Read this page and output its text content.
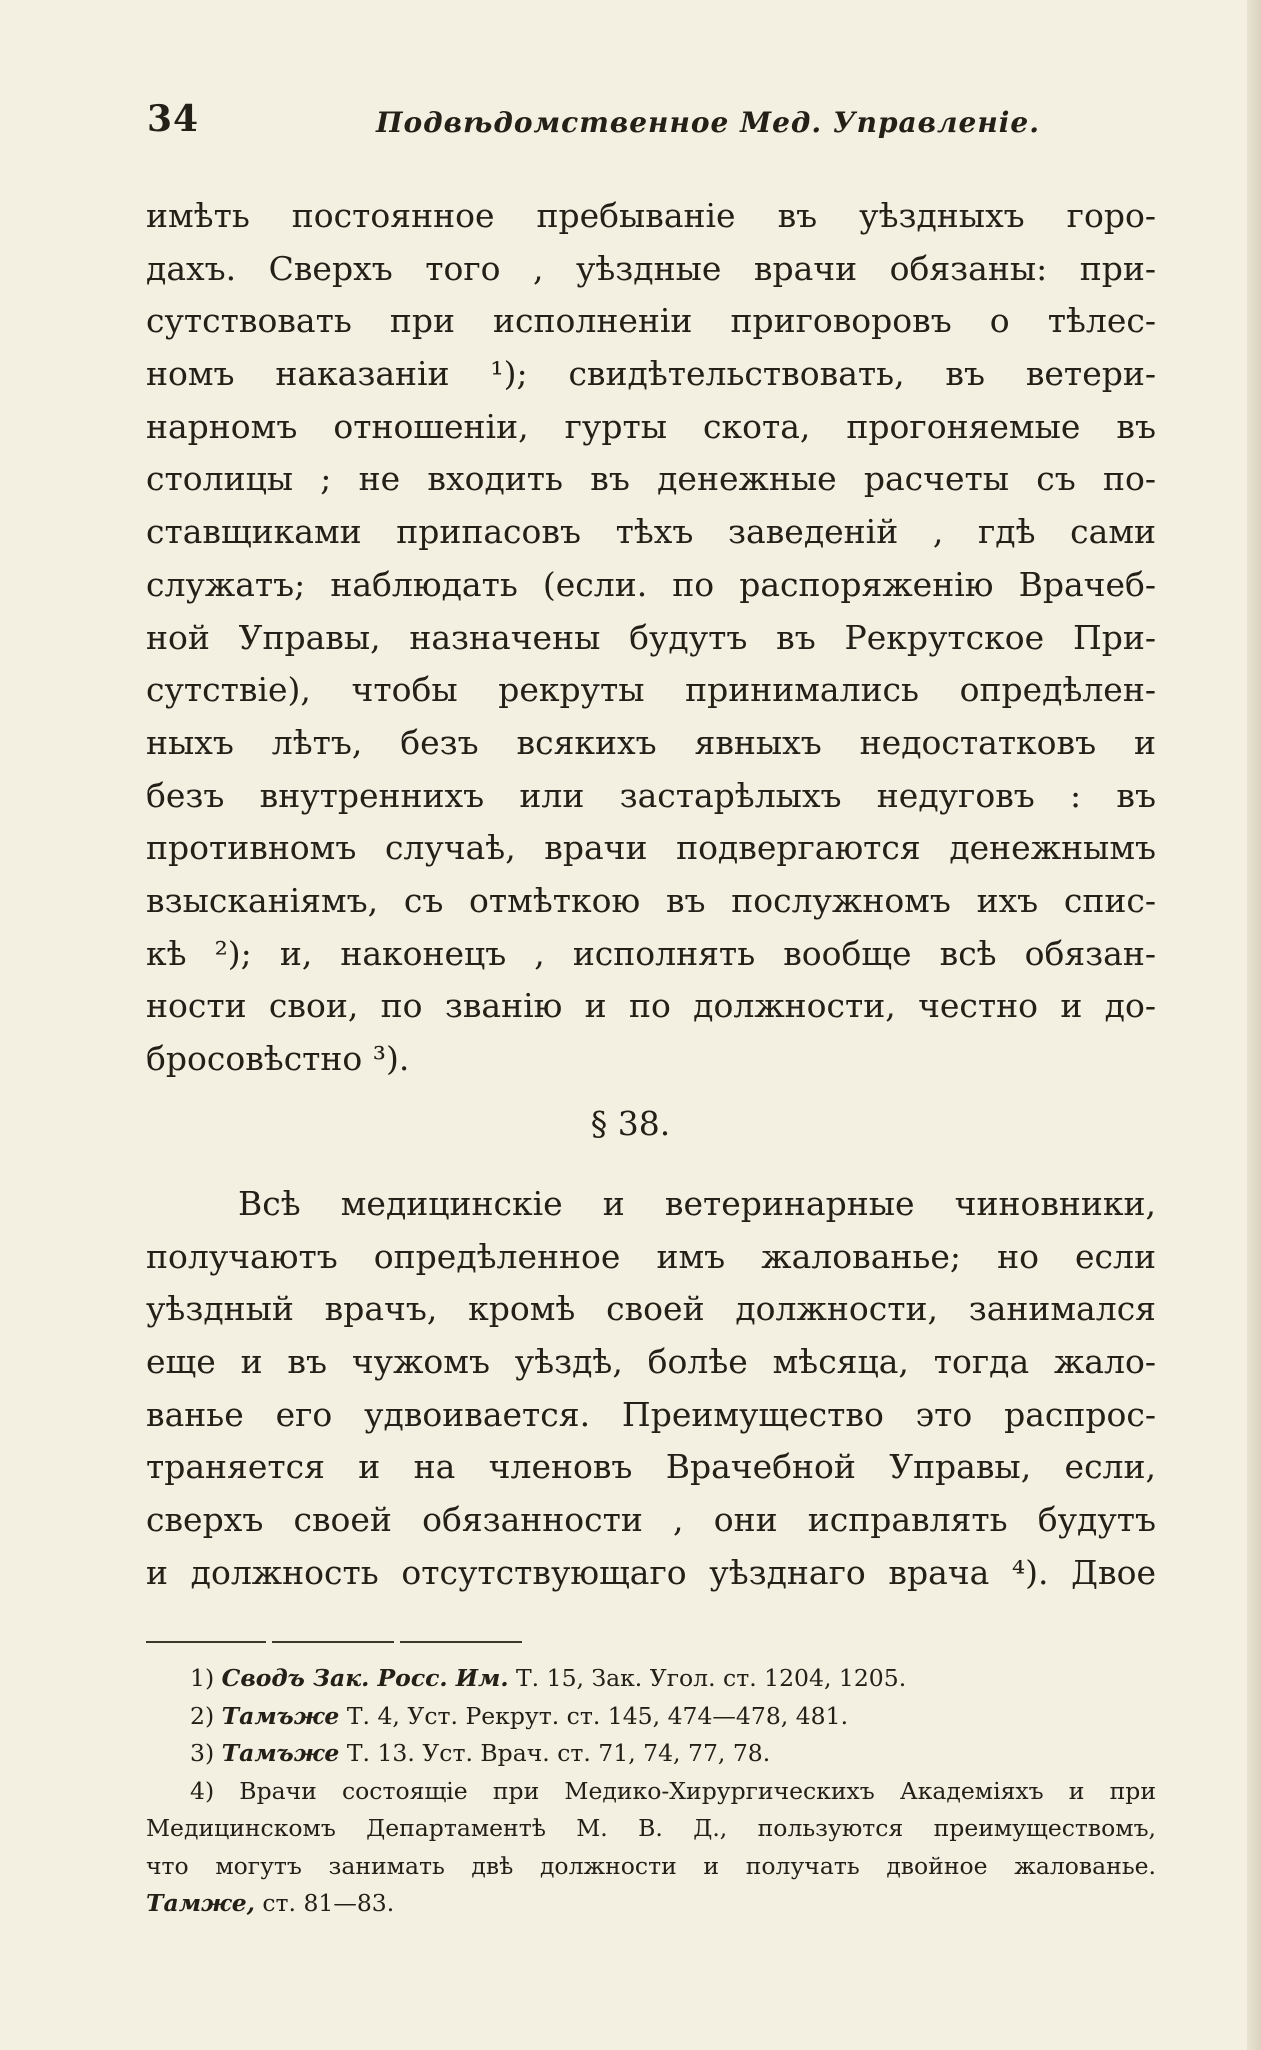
34	Подвѣдомственное Мед. Управленіе.
имѣть постоянное пребываніе въ уѣздныхъ горо-
дахъ. Сверхъ того , уѣздные врачи обязаны: при-
сутствовать при исполненіи приговоровъ о тѣлес-
номъ наказаніи ¹); свидѣтельствовать, въ ветери-
нарномъ отношеніи, гурты скота, прогоняемые въ
столицы ; не входить въ денежные расчеты съ по-
ставщиками припасовъ тѣхъ заведеній , гдѣ сами
служатъ; наблюдать (если. по распоряженію Врачеб-
ной Управы, назначены будутъ въ Рекрутское При-
сутствіе), чтобы рекруты принимались опредѣлен-
ныхъ лѣтъ, безъ всякихъ явныхъ недостатковъ и
безъ внутреннихъ или застарѣлыхъ недуговъ : въ
противномъ случаѣ, врачи подвергаются денежнымъ
взысканіямъ, съ отмѣткою въ послужномъ ихъ спис-
кѣ ²); и, наконецъ , исполнять вообще всѣ обязан-
ности свои, по званію и по должности, честно и до-
бросовѣстно ³).
§ 38.
Всѣ медицинскіе и ветеринарные чиновники,
получаютъ опредѣленное имъ жалованье; но если
уѣздный врачъ, кромѣ своей должности, занимался
еще и въ чужомъ уѣздѣ, болѣе мѣсяца, тогда жало-
ванье его удвоивается. Преимущество это распрос-
траняется и на членовъ Врачебной Управы, если,
сверхъ своей обязанности , они исправлять будутъ
и должность отсутствующаго уѣзднаго врача ⁴). Двое
1) Сводъ Зак. Росс. Им. Т. 15, Зак. Угол. ст. 1204, 1205.
2) Тамъже Т. 4, Уст. Рекрут. ст. 145, 474—478, 481.
3) Тамъже Т. 13. Уст. Врач. ст. 71, 74, 77, 78.
4) Врачи состоящіе при Медико-Хирургическихъ Академіяхъ и при
Медицинскомъ Департаментѣ М. В. Д., пользуются преимуществомъ,
что могутъ занимать двѣ должности и получать двойное жалованье.
Тамже, ст. 81—83.
